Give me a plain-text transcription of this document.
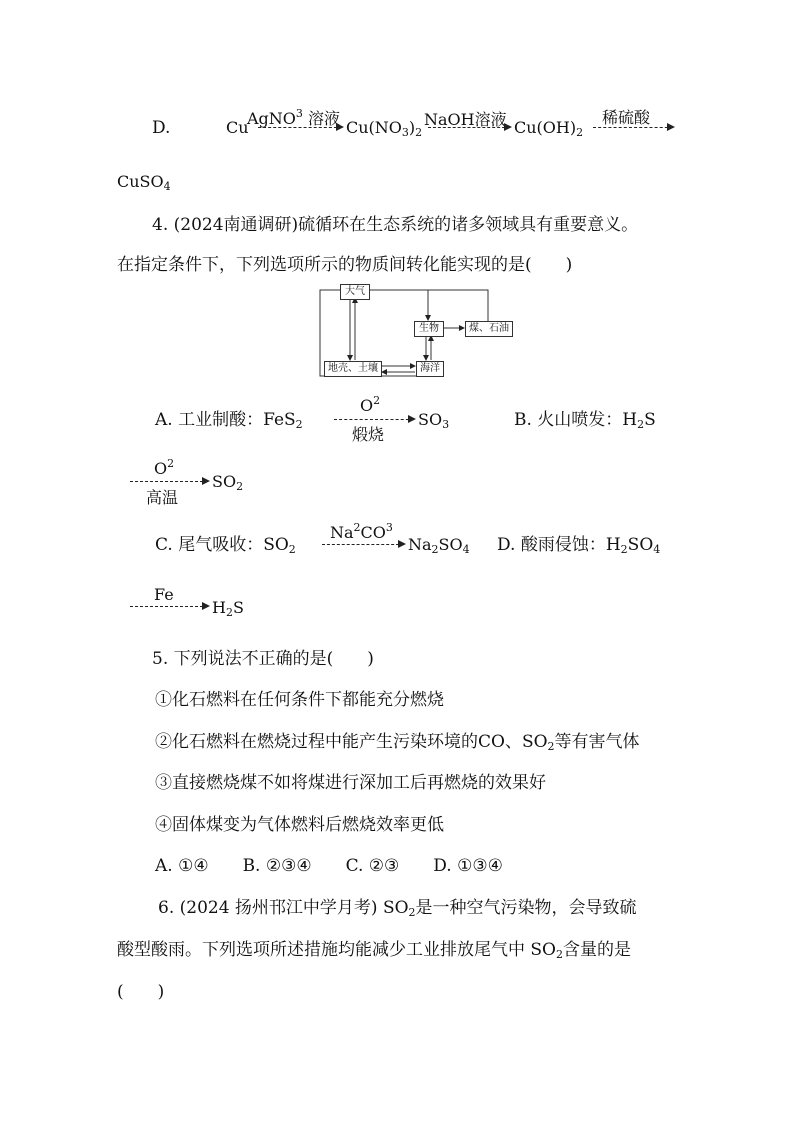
D.	Cu
AgNO$^3$ 溶液 $Cu(NO_3)_2$
NaOH溶液 $Cu(OH)_2$
稀硫酸
CuSO$_4$
4. (2024南通调研)硫循环在生态系统的诸多领域具有重要意义。
在指定条件下，下列选项所示的物质间转化能实现的是(　　)
大气
生物	煤、石油
地壳、土壤	海洋
A. 工业制酸：FeS$_2$
$O^2$
煅烧
$SO_3$	B. 火山喷发：$H_2S$
$O^2$
高温
$SO_2$
C. 尾气吸收：$SO_2$
$Na^2CO^3$
$Na_2SO_4$ D. 酸雨侵蚀：$H_2SO_4$
Fe
$H_2S$
5. 下列说法不正确的是(　　)
①化石燃料在任何条件下都能充分燃烧
②化石燃料在燃烧过程中能产生污染环境的CO、$SO_2$等有害气体
③直接燃烧煤不如将煤进行深加工后再燃烧的效果好
④固体煤变为气体燃料后燃烧效率更低
A. ①④　　B. ②③④　　C. ②③　　D. ①③④
6. (2024 扬州邗江中学月考) $SO_2$是一种空气污染物，会导致硫
酸型酸雨。下列选项所述措施均能减少工业排放尾气中 $SO_2$含量的是
(　　)
